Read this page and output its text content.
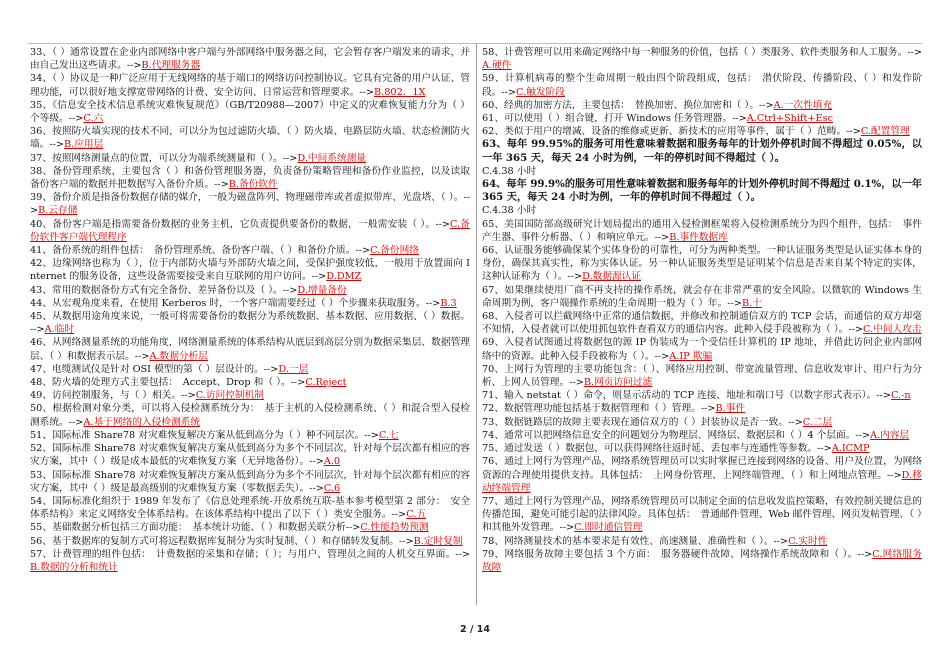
33、（ ）通常设置在企业内部网络中客户端与外部网络中服务器之间，它会暂存客户端发来的请求，并由自己发出这些请求。-->B.代理服务器
34、（ ）协议是一种广泛应用于无线网络的基于端口的网络访问控制协议。它具有完备的用户认证、管理功能，可以很好地支撑宽带网络的计费、安全访问、日常运营和管理要求。-->B.802．1X
35、《信息安全技术信息系统灾难恢复规范》（GB/T20988—2007）中定义的灾难恢复能力分为（ ）个等级。-->C.六
36、按照防火墙实现的技术不同，可以分为包过滤防火墙、（ ）防火墙、电路层防火墙、状态检测防火墙。-->B.应用层
37、按照网络测量点的位置，可以分为端系统测量和（ ）。-->D.中间系统测量
38、备份管理系统，主要包含（ ）和备份管理服务器，负责备份策略管理和备份作业监控，以及读取备份客户端的数据并把数据写入备份介质。-->B.备份软件
39、备份介质是指备份数据存储的媒介，一般为磁盘阵列、物理磁带库或者虚拟带库、光盘塔、（ ）。-->B.云存储
40、备份客户端是指需要备份数据的业务主机，它负责提供要备份的数据，一般需安装（ ）。-->C.备份软件客户端代理程序
41、备份系统的组件包括：　备份管理系统、备份客户端、（ ）和备份介质。-->C.备份网络
42、边缘网络也称为（ ），位于内部防火墙与外部防火墙之间，受保护强度较低，一般用于放置面向 Internet 的服务设备，这些设备需要接受来自互联网的用户访问。-->D.DMZ
43、常用的数据备份方式有完全备份、差异备份以及（ ）。-->D.增量备份
44、从宏观角度来看，在使用 Kerberos 时，一个客户端需要经过（ ）个步骤来获取服务。-->B.3
45、从数据用途角度来说，一般可将需要备份的数据分为系统数据、基本数据、应用数据、（ ）数据。-->A.临时
46、从网络测量系统的功能角度，网络测量系统的体系结构从底层到高层分别为数据采集层、数据管理层、（ ）和数据表示层。-->A.数据分析层
47、电缆测试仪是针对 OSI 模型的第（ ）层设计的。-->D.一层
48、防火墙的处理方式主要包括：　Accept、Drop 和（ ）。-->C.Reject
49、访问控制服务，与（ ）相关。-->C.访问控制机制
50、根据检测对象分类，可以将入侵检测系统分为：　基于主机的入侵检测系统、（ ）和混合型入侵检测系统。-->A.基于网络的入侵检测系统
51、国际标准 Share78 对灾难恢复解决方案从低到高分为（ ）种不同层次。-->C.七
52、国际标准 Share78 对灾难恢复解决方案从低到高分为多个不同层次，针对每个层次都有相应的容灾方案，其中（ ）级是成本最低的灾难恢复方案（无异地备份）。-->A.0
53、国际标准 Share78 对灾难恢复解决方案从低到高分为多个不同层次，针对每个层次都有相应的容灾方案，其中（ ）级是最高级别的灾难恢复方案（零数据丢失）。-->C.6
54、国际标准化组织于 1989 年发布了《信息处理系统-开放系统互联-基本参考模型第 2 部分：　安全体系结构》来定义网络安全体系结构。在该体系结构中提出了以下（ ）类安全服务。-->C.五
55、基础数据分析包括三方面功能：　基本统计功能、（ ）和数据关联分析-->C.性能趋势预测
56、基于数据库的复制方式可将远程数据库复制分为实时复制、（ ）和存储转发复制。-->B.定时复制
57、计费管理的组件包括：　计费数据的采集和存储；（ ）；与用户、管理员之间的人机交互界面。-->B.数据的分析和统计
58、计费管理可以用来确定网络中每一种服务的价值，包括（ ）类服务、软件类服务和人工服务。-->A.硬件
59、计算机病毒的整个生命周期一般由四个阶段组成，包括：　潜伏阶段、传播阶段、（ ）和发作阶段。-->C.触发阶段
60、经典的加密方法，主要包括：　替换加密、换位加密和（ ）。-->A.一次性填充
61、可以使用（ ）组合键，打开 Windows 任务管理器。-->A.Ctrl+Shift+Esc
62、类似于用户的增减、设备的维修或更新、新技术的应用等事件，属于（ ）范畴。-->C.配置管理
63、每年 99.95%的服务可用性意味着数据和服务每年的计划外停机时间不得超过 0.05%，以一年 365 天，每天 24 小时为例，一年的停机时间不得超过（ ）。
C.4.38 小时
64、每年 99.9%的服务可用性意味着数据和服务每年的计划外停机时间不得超过 0.1%，以一年 365 天，每天 24 小时为例，一年的停机时间不得超过（ ）。
C.4.38 小时
65、美国国防部高级研究计划局提出的通用入侵检测框架将入侵检测系统分为四个组件，包括：　事件产生器、事件分析器、（ ）和响应单元。-->B.事件数据库
66、认证服务能够确保某个实体身份的可靠性，可分为两种类型。一种认证服务类型是认证实体本身的身份，确保其真实性，称为实体认证。另一种认证服务类型是证明某个信息是否来自某个特定的实体，这种认证称为（ ）。-->D.数据源认证
67、如果继续使用厂商不再支持的操作系统，就会存在非常严重的安全风险。以微软的 Windows 生命周期为例，客户端操作系统的生命周期一般为（ ）年。-->B.十
68、入侵者可以拦截网络中正常的通信数据，并修改和控制通信双方的 TCP 会话，而通信的双方却毫不知情，入侵者就可以使用抓包软件查看双方的通信内容。此种入侵手段被称为（ ）。-->C.中间人攻击
69、入侵者试图通过将数据包的源 IP 伪装成为一个受信任计算机的 IP 地址，并借此访问企业内部网络中的资源。此种入侵手段被称为（ ）。-->A.IP 欺骗
70、上网行为管理的主要功能包含：（ ）、网络应用控制、带宽流量管理、信息收发审计、用户行为分析、上网人员管理。-->B.网页访问过滤
71、输入 netstat（ ）命令，则显示活动的 TCP 连接、地址和端口号（以数字形式表示）。-->C.-n
72、数据管理功能包括基于数据管理和（ ）管理。-->B.事件
73、数据链路层的故障主要表现在通信双方的（ ）封装协议是否一致。-->C.二层
74、通常可以把网络信息安全的问题划分为物理层、网络层、数据层和（ ）4 个层面。-->A.内容层
75、通过发送（ ）数据包，可以获得网络往返时延、丢包率与连通性等参数。-->A.ICMP
76、通过上网行为管理产品，网络系统管理员可以实时掌握已连接到网络的设备、用户及位置，为网络资源的合理使用提供支持。具体包括：　上网身份管理、上网终端管理、（ ）和上网地点管理。-->D.移动终端管理
77、通过上网行为管理产品，网络系统管理员可以制定全面的信息收发监控策略，有效控制关键信息的传播范围，避免可能引起的法律风险。具体包括：　普通邮件管理、Web 邮件管理、网页发帖管理、（ ）和其他外发管理。-->C.即时通信管理
78、网络测量技术的基本要求是有效性、高速测量、准确性和（ ）。-->C.实时性
79、网络服务故障主要包括 3 个方面：　服务器硬件故障、网络操作系统故障和（ ）。-->C.网络服务故障
2 / 14
